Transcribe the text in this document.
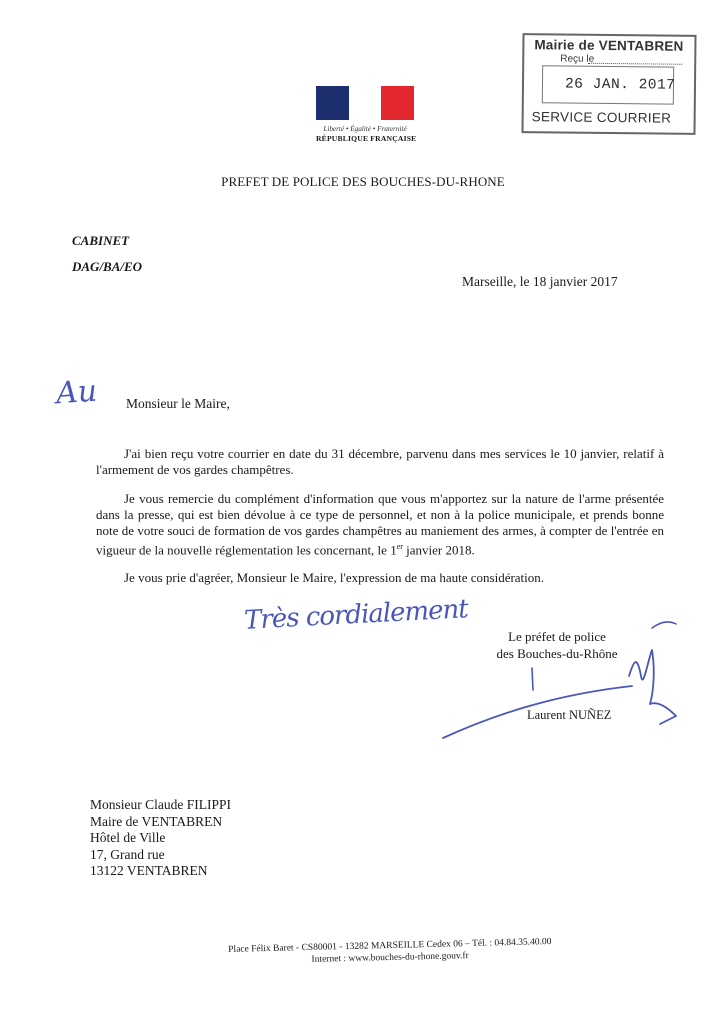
Liberté • Égalité • Fraternité
RÉPUBLIQUE FRANÇAISE
Mairie de VENTABREN
Reçu le
26 JAN. 2017
SERVICE COURRIER
PREFET DE POLICE DES BOUCHES-DU-RHONE
CABINET
DAG/BA/EO
Marseille, le 18 janvier 2017
Au Monsieur le Maire,

J'ai bien reçu votre courrier en date du 31 décembre, parvenu dans mes services le 10 janvier, relatif à l'armement de vos gardes champêtres.

Je vous remercie du complément d'information que vous m'apportez sur la nature de l'arme présentée dans la presse, qui est bien dévolue à ce type de personnel, et non à la police municipale, et prends bonne note de votre souci de formation de vos gardes champêtres au maniement des armes, à compter de l'entrée en vigueur de la nouvelle réglementation les concernant, le 1er janvier 2018.

Je vous prie d'agréer, Monsieur le Maire, l'expression de ma haute considération.

Très cordialement
Le préfet de police
des Bouches-du-Rhône
Laurent NUÑEZ
Monsieur Claude FILIPPI
Maire de VENTABREN
Hôtel de Ville
17, Grand rue
13122 VENTABREN
Place Félix Baret - CS80001 - 13282 MARSEILLE Cedex 06 – Tél. : 04.84.35.40.00
Internet : www.bouches-du-rhone.gouv.fr
